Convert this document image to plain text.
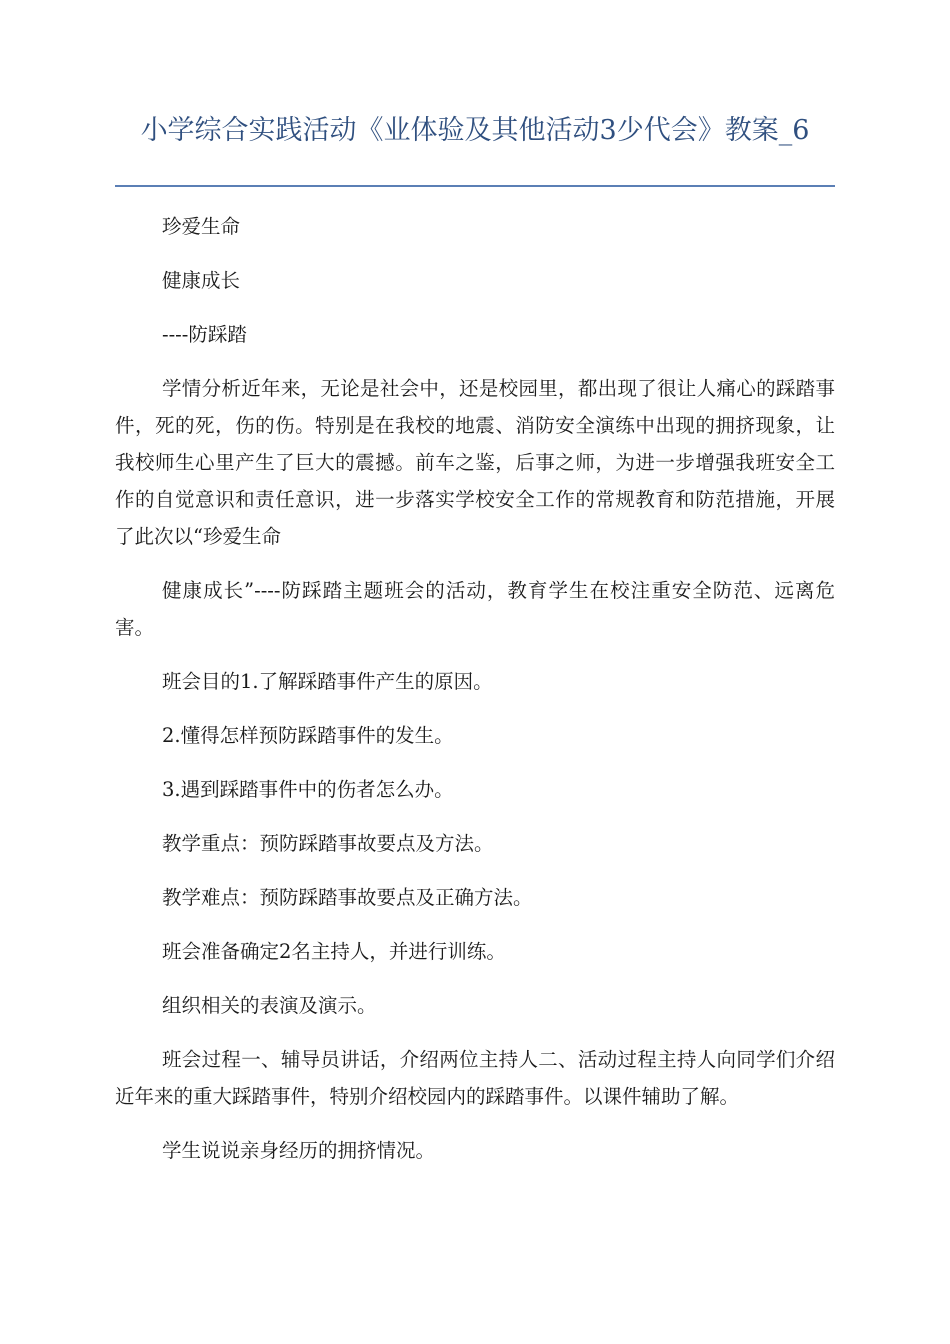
小学综合实践活动《业体验及其他活动3少代会》教案_6

珍爱生命

健康成长

----防踩踏

学情分析近年来，无论是社会中，还是校园里，都出现了很让人痛心的踩踏事件，死的死，伤的伤。特别是在我校的地震、消防安全演练中出现的拥挤现象，让我校师生心里产生了巨大的震撼。前车之鉴，后事之师，为进一步增强我班安全工作的自觉意识和责任意识，进一步落实学校安全工作的常规教育和防范措施，开展了此次以“珍爱生命

健康成长”----防踩踏主题班会的活动，教育学生在校注重安全防范、远离危害。

班会目的1.了解踩踏事件产生的原因。

2.懂得怎样预防踩踏事件的发生。

3.遇到踩踏事件中的伤者怎么办。

教学重点：预防踩踏事故要点及方法。

教学难点：预防踩踏事故要点及正确方法。

班会准备确定2名主持人，并进行训练。

组织相关的表演及演示。

班会过程一、辅导员讲话，介绍两位主持人二、活动过程主持人向同学们介绍近年来的重大踩踏事件，特别介绍校园内的踩踏事件。以课件辅助了解。

学生说说亲身经历的拥挤情况。
